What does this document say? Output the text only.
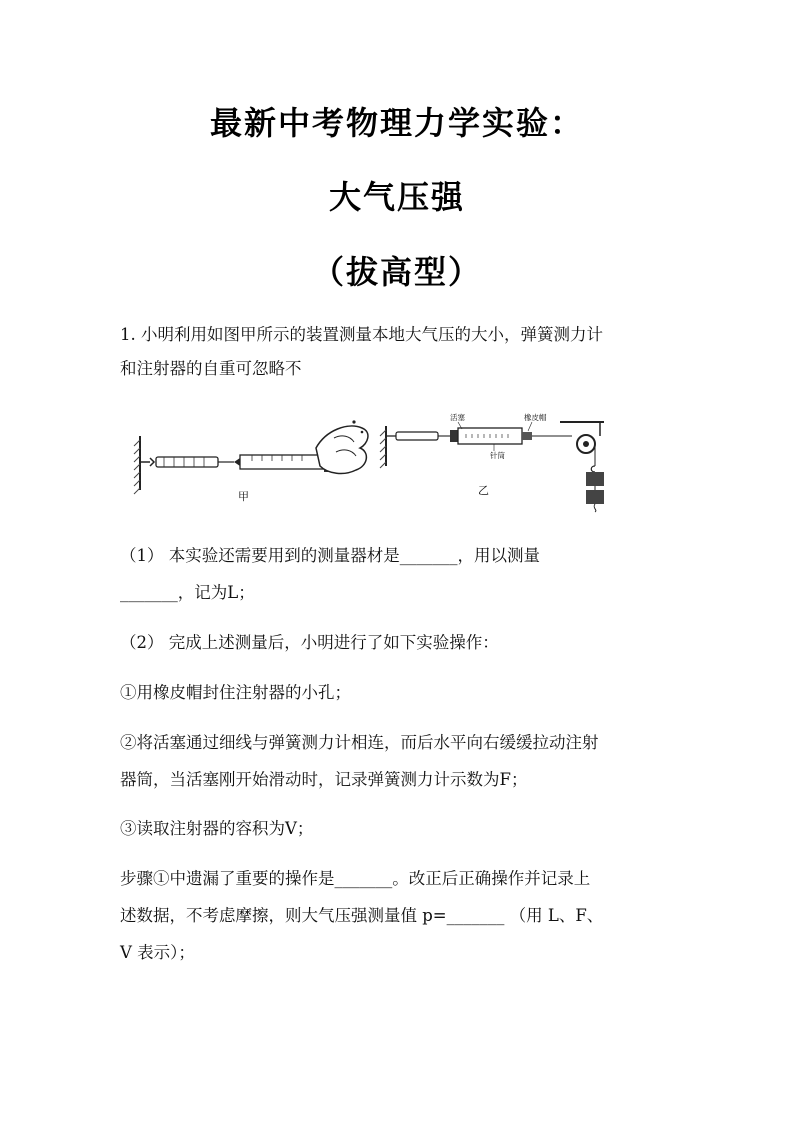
最新中考物理力学实验：
大气压强
（拔高型）

1. 小明利用如图甲所示的装置测量本地大气压的大小，弹簧测力计

和注射器的自重可忽略不

甲
活塞	橡皮帽
针筒
乙

（1） 本实验还需要用到的测量器材是_______，用以测量

_______，记为L；

（2） 完成上述测量后，小明进行了如下实验操作：

①用橡皮帽封住注射器的小孔；

②将活塞通过细线与弹簧测力计相连，而后水平向右缓缓拉动注射

器筒，当活塞刚开始滑动时，记录弹簧测力计示数为F；

③读取注射器的容积为V；

步骤①中遗漏了重要的操作是_______。改正后正确操作并记录上

述数据，不考虑摩擦，则大气压强测量值 p=_______ （用 L、F、

V 表示）；
